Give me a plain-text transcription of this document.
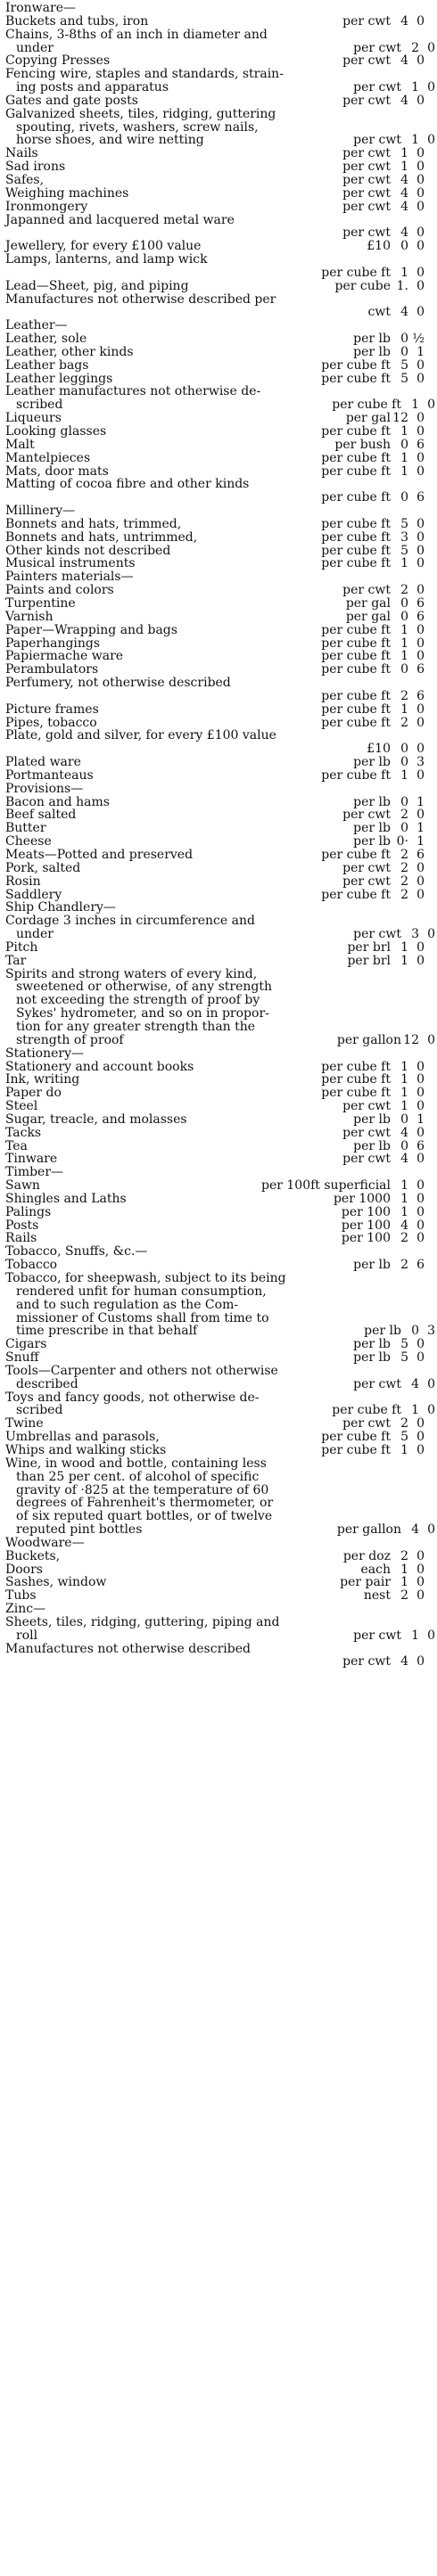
Ironware—
Buckets and tubs, iron	per cwt 4 0
Chains, 3-8ths of an inch in diameter and
under	per cwt 2 0
Copying Presses	per cwt 4 0
Fencing wire, staples and standards, strain-
ing posts and apparatus	per cwt 1 0
Gates and gate posts	per cwt 4 0
Galvanized sheets, tiles, ridging, guttering
spouting, rivets, washers, screw nails,
horse shoes, and wire netting	per cwt 1 0
Nails	per cwt 1 0
Sad irons	per cwt 1 0
Safes,	per cwt 4 0
Weighing machines	per cwt 4 0
Ironmongery	per cwt 4 0
Japanned and lacquered metal ware
per cwt 4 0
Jewellery, for every £100 value	£10 0 0
Lamps, lanterns, and lamp wick
per cube ft 1 0
Lead—Sheet, pig, and piping	per cube 1. 0
Manufactures not otherwise described per
cwt 4 0
Leather—
Leather, sole	per lb 0 ½
Leather, other kinds	per lb 0 1
Leather bags	per cube ft 5 0
Leather leggings	per cube ft 5 0
Leather manufactures not otherwise de-
scribed	per cube ft 1 0
Liqueurs	per gal 12 0
Looking glasses	per cube ft 1 0
Malt	per bush 0 6
Mantelpieces	per cube ft 1 0
Mats, door mats	per cube ft 1 0
Matting of cocoa fibre and other kinds
per cube ft 0 6
Millinery—
Bonnets and hats, trimmed,	per cube ft 5 0
Bonnets and hats, untrimmed,	per cube ft 3 0
Other kinds not described	per cube ft 5 0
Musical instruments	per cube ft 1 0
Painters materials—
Paints and colors	per cwt 2 0
Turpentine	per gal 0 6
Varnish	per gal 0 6
Paper—Wrapping and bags	per cube ft 1 0
Paperhangings	per cube ft 1 0
Papiermache ware	per cube ft 1 0
Perambulators	per cube ft 0 6
Perfumery, not otherwise described
per cube ft 2 6
Picture frames	per cube ft 1 0
Pipes, tobacco	per cube ft 2 0
Plate, gold and silver, for every £100 value
£10 0 0
Plated ware	per lb 0 3
Portmanteaus	per cube ft 1 0
Provisions—
Bacon and hams	per lb 0 1
Beef salted	per cwt 2 0
Butter	per lb 0 1
Cheese	per lb 0· 1
Meats—Potted and preserved	per cube ft 2 6
Pork, salted	per cwt 2 0
Rosin	per cwt 2 0
Saddlery	per cube ft 2 0
Ship Chandlery—
Cordage 3 inches in circumference and
under	per cwt 3 0
Pitch	per brl 1 0
Tar	per brl 1 0
Spirits and strong waters of every kind,
sweetened or otherwise, of any strength
not exceeding the strength of proof by
Sykes' hydrometer, and so on in propor-
tion for any greater strength than the
strength of proof	per gallon 12 0
Stationery—
Stationery and account books	per cube ft 1 0
Ink, writing	per cube ft 1 0
Paper do	per cube ft 1 0
Steel	per cwt 1 0
Sugar, treacle, and molasses	per lb 0 1
Tacks	per cwt 4 0
Tea	per lb 0 6
Tinware	per cwt 4 0
Timber—
Sawn	per 100ft superficial 1 0
Shingles and Laths	per 1000 1 0
Palings	per 100 1 0
Posts	per 100 4 0
Rails	per 100 2 0
Tobacco, Snuffs, &c.—
Tobacco	per lb 2 6
Tobacco, for sheepwash, subject to its being
rendered unfit for human consumption,
and to such regulation as the Com-
missioner of Customs shall from time to
time prescribe in that behalf	per lb 0 3
Cigars	per lb 5 0
Snuff	per lb 5 0
Tools—Carpenter and others not otherwise
described	per cwt 4 0
Toys and fancy goods, not otherwise de-
scribed	per cube ft 1 0
Twine	per cwt 2 0
Umbrellas and parasols,	per cube ft 5 0
Whips and walking sticks	per cube ft 1 0
Wine, in wood and bottle, containing less
than 25 per cent. of alcohol of specific
gravity of ·825 at the temperature of 60
degrees of Fahrenheit's thermometer, or
of six reputed quart bottles, or of twelve
reputed pint bottles	per gallon 4 0
Woodware—
Buckets,	per doz 2 0
Doors	each 1 0
Sashes, window	per pair 1 0
Tubs	nest 2 0
Zinc—
Sheets, tiles, ridging, guttering, piping and
roll	per cwt 1 0
Manufactures not otherwise described
per cwt 4 0
